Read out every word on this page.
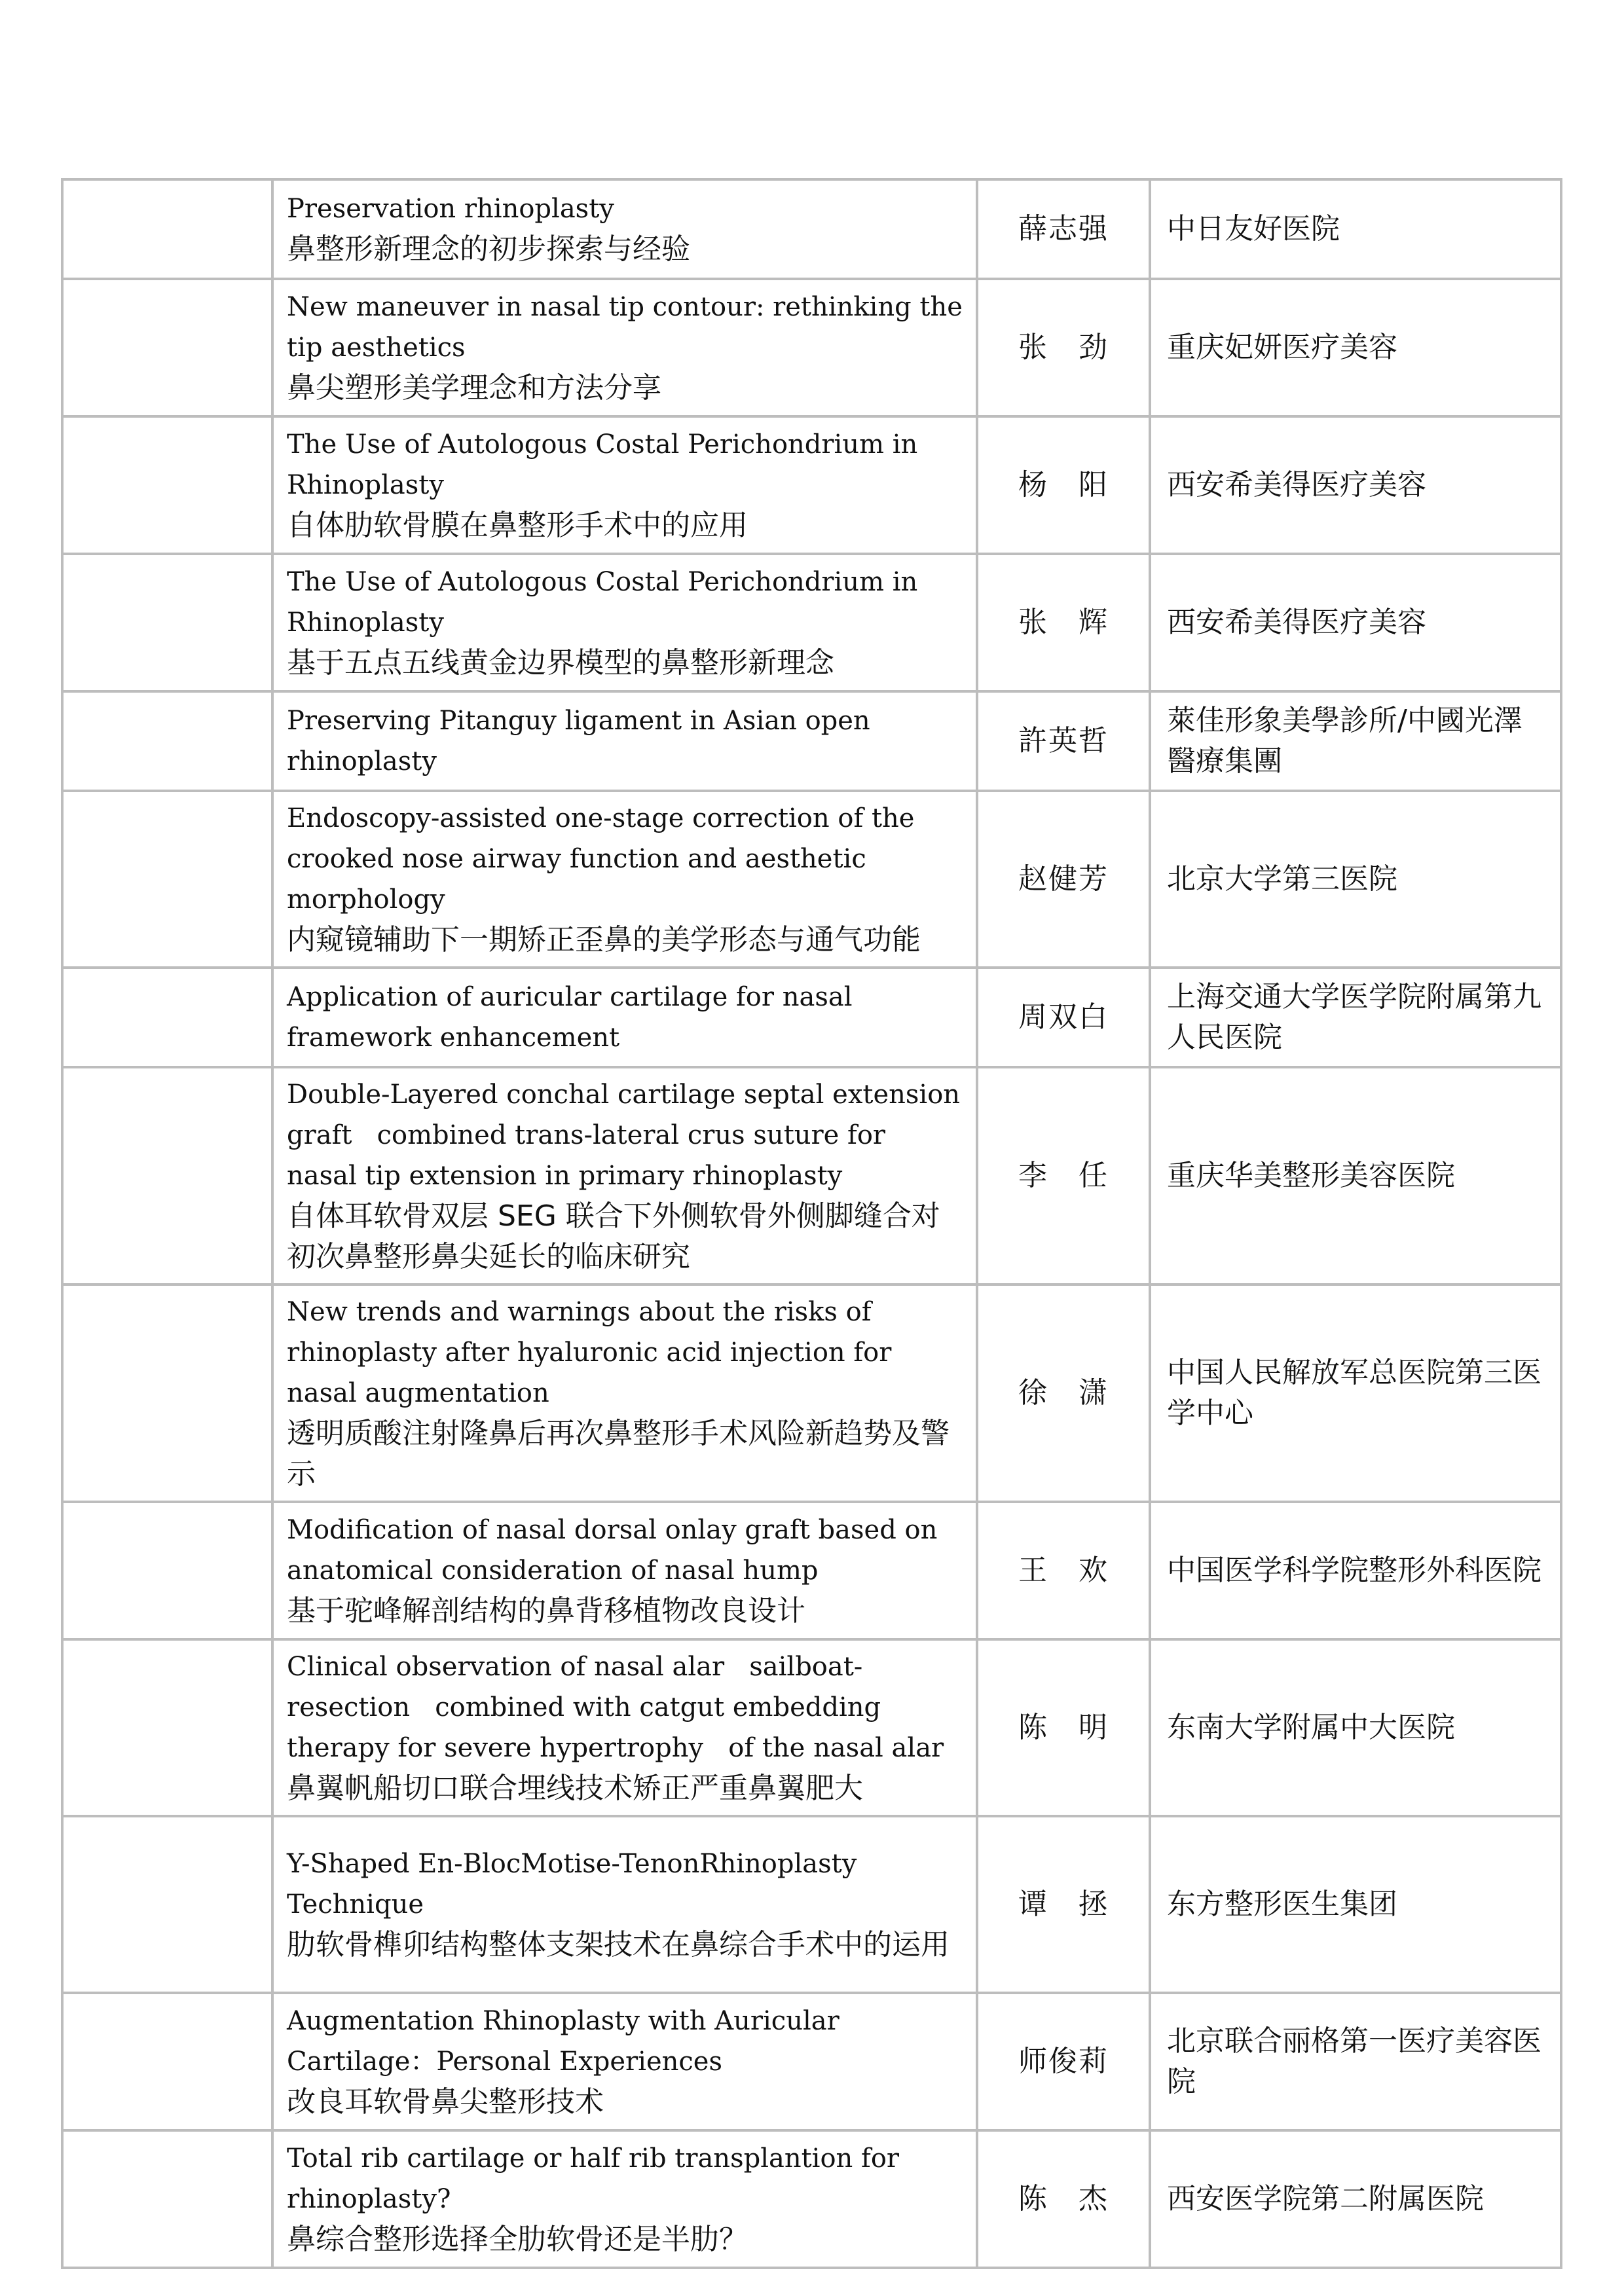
	Preservation rhinoplasty
鼻整形新理念的初步探索与经验	薛志强	中日友好医院

	New maneuver in nasal tip contour: rethinking the tip aesthetics
鼻尖塑形美学理念和方法分享	张　劲	重庆妃妍医疗美容

	The Use of Autologous Costal Perichondrium in Rhinoplasty
自体肋软骨膜在鼻整形手术中的应用	杨　阳	西安希美得医疗美容

	The Use of Autologous Costal Perichondrium in Rhinoplasty
基于五点五线黄金边界模型的鼻整形新理念	张　辉	西安希美得医疗美容

	Preserving Pitanguy ligament in Asian open rhinoplasty	許英哲	萊佳形象美學診所/中國光澤醫療集團

	Endoscopy-assisted one-stage correction of the crooked nose airway function and aesthetic morphology
内窥镜辅助下一期矫正歪鼻的美学形态与通气功能	赵健芳	北京大学第三医院

	Application of auricular cartilage for nasal framework enhancement	周双白	上海交通大学医学院附属第九人民医院

	Double-Layered conchal cartilage septal extension graft   combined trans-lateral crus suture for nasal tip extension in primary rhinoplasty
自体耳软骨双层 SEG 联合下外侧软骨外侧脚缝合对初次鼻整形鼻尖延长的临床研究	李　任	重庆华美整形美容医院

	New trends and warnings about the risks of rhinoplasty after hyaluronic acid injection for nasal augmentation
透明质酸注射隆鼻后再次鼻整形手术风险新趋势及警示	徐　潇	中国人民解放军总医院第三医学中心

	Modification of nasal dorsal onlay graft based on anatomical consideration of nasal hump
基于驼峰解剖结构的鼻背移植物改良设计	王　欢	中国医学科学院整形外科医院

	Clinical observation of nasal alar   sailboat-resection   combined with catgut embedding therapy for severe hypertrophy   of the nasal alar
鼻翼帆船切口联合埋线技术矫正严重鼻翼肥大	陈　明	东南大学附属中大医院

	Y-Shaped En-BlocMotise-TenonRhinoplasty Technique
肋软骨榫卯结构整体支架技术在鼻综合手术中的运用	谭　拯	东方整形医生集团

	Augmentation Rhinoplasty with Auricular Cartilage：Personal Experiences
改良耳软骨鼻尖整形技术	师俊莉	北京联合丽格第一医疗美容医院

	Total rib cartilage or half rib transplantion for rhinoplasty?
鼻综合整形选择全肋软骨还是半肋？	陈　杰	西安医学院第二附属医院
